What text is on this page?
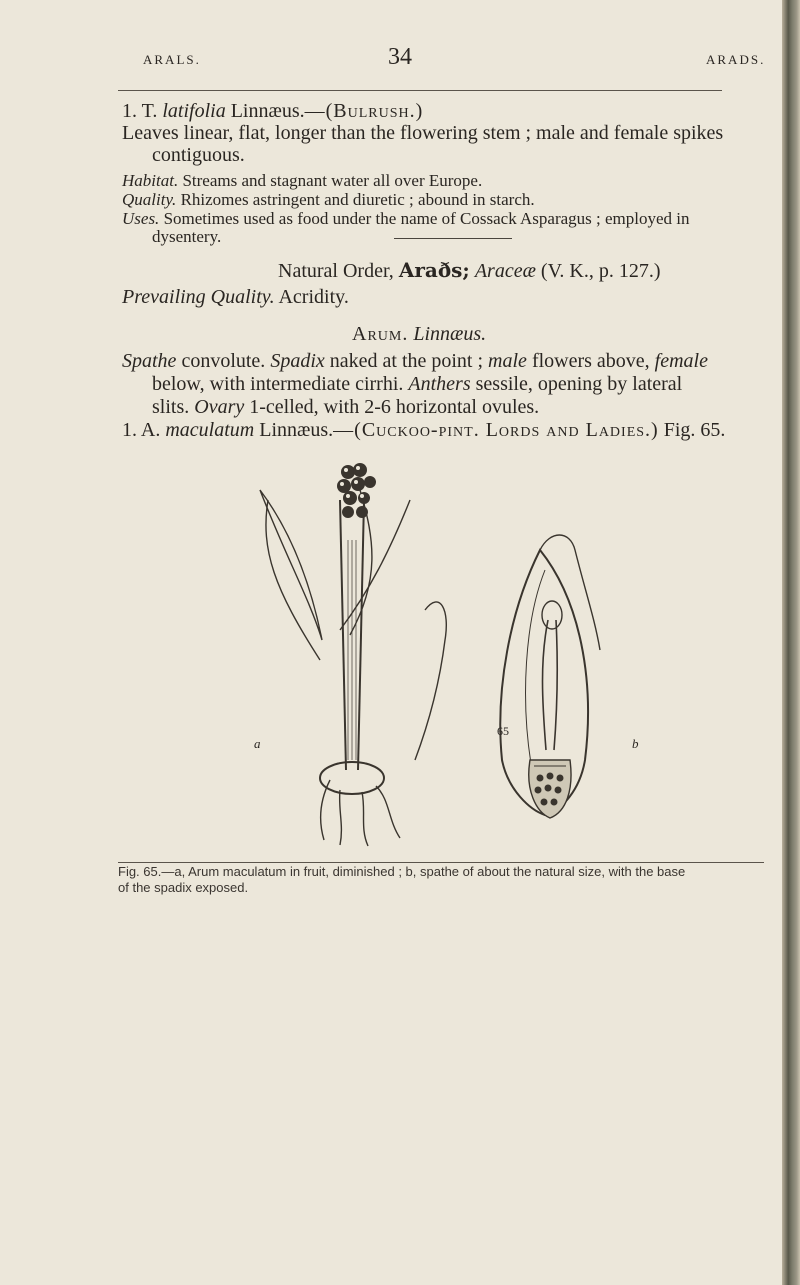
ARALS.	34	ARADS.
1. T. latifolia Linnæus.—(Bulrush.)
Leaves linear, flat, longer than the flowering stem ; male and female spikes
contiguous.
Habitat. Streams and stagnant water all over Europe.
Quality. Rhizomes astringent and diuretic ; abound in starch.
Uses. Sometimes used as food under the name of Cossack Asparagus ; employed in
dysentery.
Natural Order, Araðs; Araceæ (V. K., p. 127.)
Prevailing Quality. Acridity.
Arum. Linnæus.
Spathe convolute. Spadix naked at the point ; male flowers above, female
below, with intermediate cirrhi. Anthers sessile, opening by lateral
slits. Ovary 1-celled, with 2-6 horizontal ovules.
1. A. maculatum Linnæus.—(Cuckoo-pint. Lords and Ladies.) Fig. 65.
a
65
b
Fig. 65.—a, Arum maculatum in fruit, diminished ; b, spathe of about the natural size, with the base
of the spadix exposed.
